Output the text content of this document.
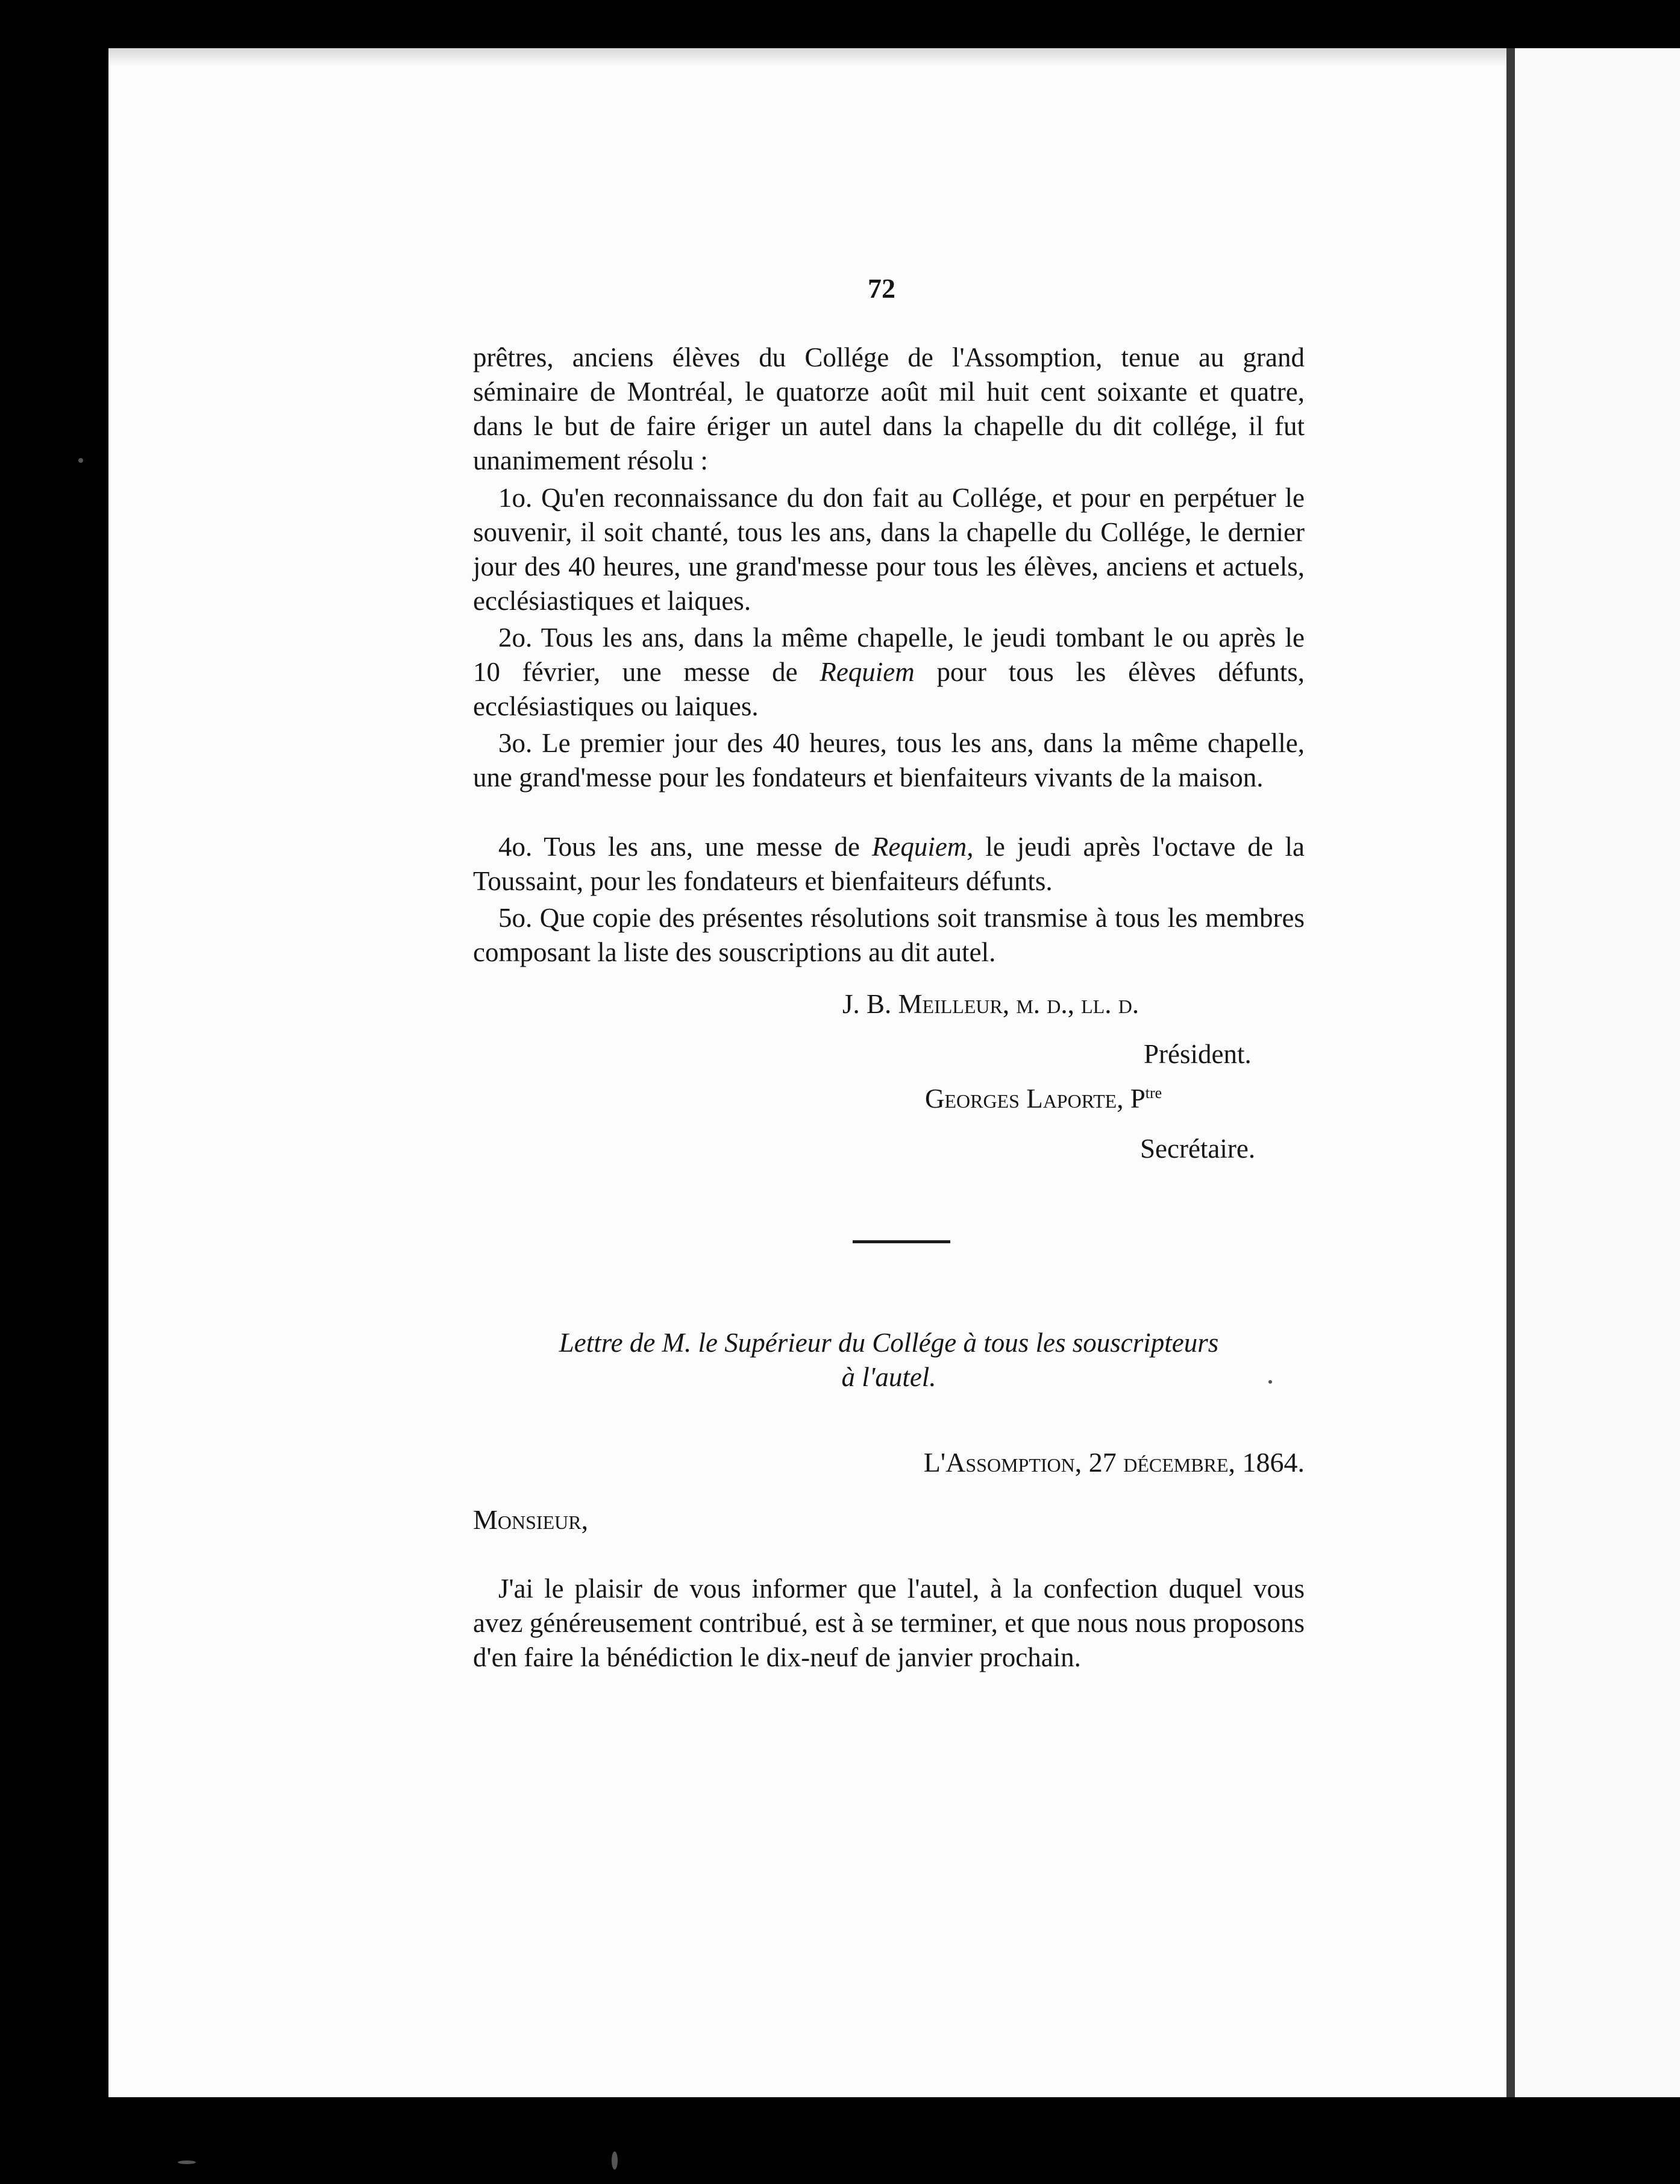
72

prêtres, anciens élèves du Collége de l'Assomption, tenue au grand séminaire de Montréal, le quatorze août mil huit cent soixante et quatre, dans le but de faire ériger un autel dans la chapelle du dit collége, il fut unanimement résolu :

1o. Qu'en reconnaissance du don fait au Collége, et pour en perpétuer le souvenir, il soit chanté, tous les ans, dans la chapelle du Collége, le dernier jour des 40 heures, une grand'messe pour tous les élèves, anciens et actuels, ecclésiastiques et laiques.

2o. Tous les ans, dans la même chapelle, le jeudi tombant le ou après le 10 février, une messe de Requiem pour tous les élèves défunts, ecclésiastiques ou laiques.

3o. Le premier jour des 40 heures, tous les ans, dans la même chapelle, une grand'messe pour les fondateurs et bienfaiteurs vivants de la maison.

4o. Tous les ans, une messe de Requiem, le jeudi après l'octave de la Toussaint, pour les fondateurs et bienfaiteurs défunts.

5o. Que copie des présentes résolutions soit transmise à tous les membres composant la liste des souscriptions au dit autel.

J. B. Meilleur, m. d., ll. d.
Président.
Georges Laporte, $P^{tre}$
Secrétaire.
Lettre de M. le Supérieur du Collége à tous les souscripteurs
à l'autel.
L'Assomption, 27 décembre, 1864.
Monsieur,

J'ai le plaisir de vous informer que l'autel, à la confection duquel vous avez généreusement contribué, est à se terminer, et que nous nous proposons d'en faire la bénédiction le dix-neuf de janvier prochain.
